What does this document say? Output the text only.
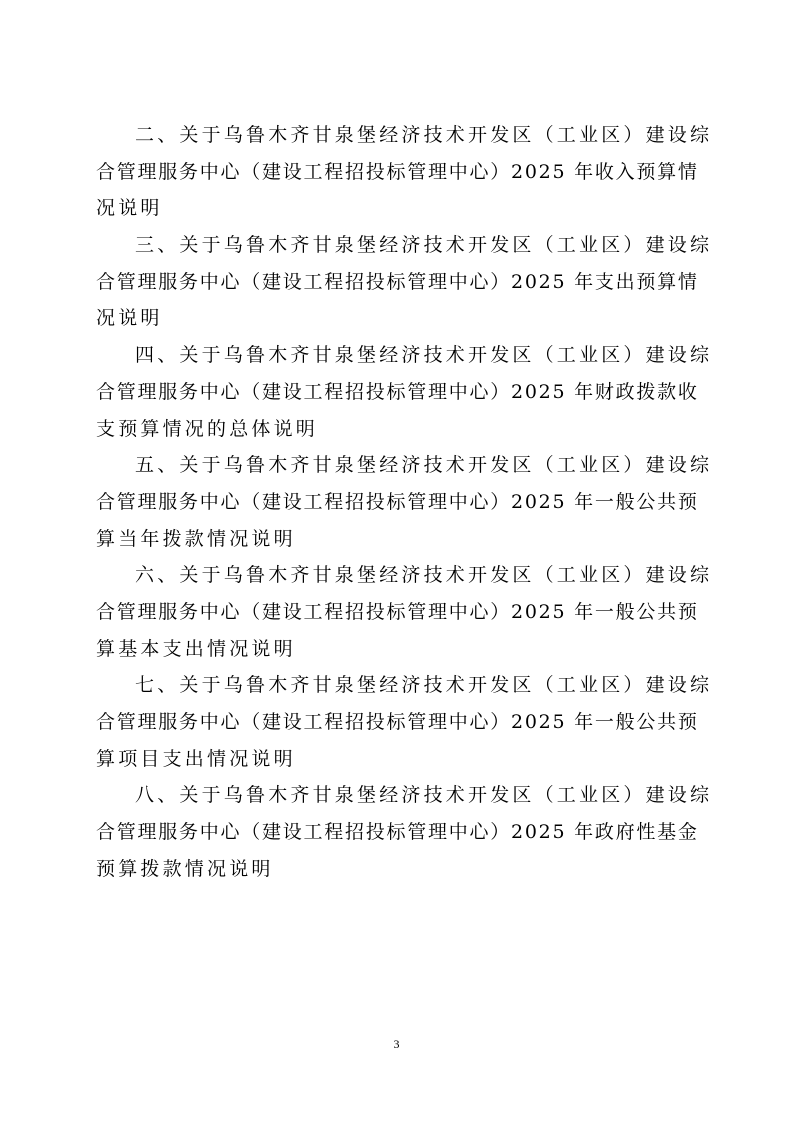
二、关于乌鲁木齐甘泉堡经济技术开发区（工业区）建设综
合管理服务中心（建设工程招投标管理中心）2025 年收入预算情
况说明
三、关于乌鲁木齐甘泉堡经济技术开发区（工业区）建设综
合管理服务中心（建设工程招投标管理中心）2025 年支出预算情
况说明
四、关于乌鲁木齐甘泉堡经济技术开发区（工业区）建设综
合管理服务中心（建设工程招投标管理中心）2025 年财政拨款收
支预算情况的总体说明
五、关于乌鲁木齐甘泉堡经济技术开发区（工业区）建设综
合管理服务中心（建设工程招投标管理中心）2025 年一般公共预
算当年拨款情况说明
六、关于乌鲁木齐甘泉堡经济技术开发区（工业区）建设综
合管理服务中心（建设工程招投标管理中心）2025 年一般公共预
算基本支出情况说明
七、关于乌鲁木齐甘泉堡经济技术开发区（工业区）建设综
合管理服务中心（建设工程招投标管理中心）2025 年一般公共预
算项目支出情况说明
八、关于乌鲁木齐甘泉堡经济技术开发区（工业区）建设综
合管理服务中心（建设工程招投标管理中心）2025 年政府性基金
预算拨款情况说明
3
